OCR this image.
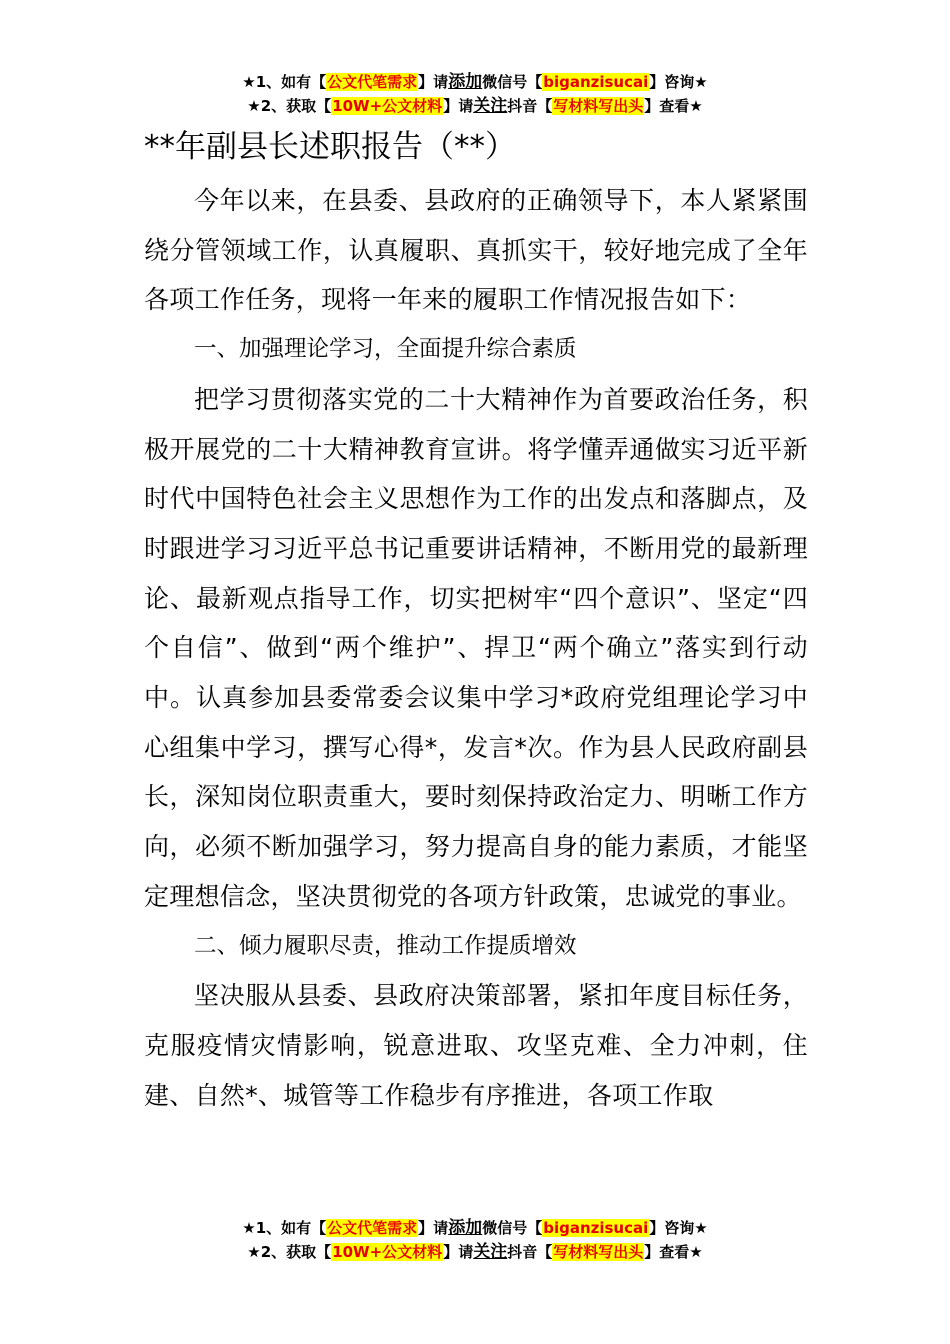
★1、如有【公文代笔需求】请添加微信号【biganzisucai】咨询★
★2、获取【10W+公文材料】请关注抖音【写材料写出头】查看★
**年副县长述职报告（**）

今年以来，在县委、县政府的正确领导下，本人紧紧围绕分管领域工作，认真履职、真抓实干，较好地完成了全年各项工作任务，现将一年来的履职工作情况报告如下：

一、加强理论学习，全面提升综合素质

把学习贯彻落实党的二十大精神作为首要政治任务，积极开展党的二十大精神教育宣讲。将学懂弄通做实习近平新时代中国特色社会主义思想作为工作的出发点和落脚点，及时跟进学习习近平总书记重要讲话精神，不断用党的最新理论、最新观点指导工作，切实把树牢“四个意识”、坚定“四个自信”、做到“两个维护”、捍卫“两个确立”落实到行动中。认真参加县委常委会议集中学习*政府党组理论学习中心组集中学习，撰写心得*，发言*次。作为县人民政府副县长，深知岗位职责重大，要时刻保持政治定力、明晰工作方向，必须不断加强学习，努力提高自身的能力素质，才能坚定理想信念，坚决贯彻党的各项方针政策，忠诚党的事业。

二、倾力履职尽责，推动工作提质增效

坚决服从县委、县政府决策部署，紧扣年度目标任务，克服疫情灾情影响，锐意进取、攻坚克难、全力冲刺，住建、自然*、城管等工作稳步有序推进，各项工作取

★1、如有【公文代笔需求】请添加微信号【biganzisucai】咨询★
★2、获取【10W+公文材料】请关注抖音【写材料写出头】查看★
